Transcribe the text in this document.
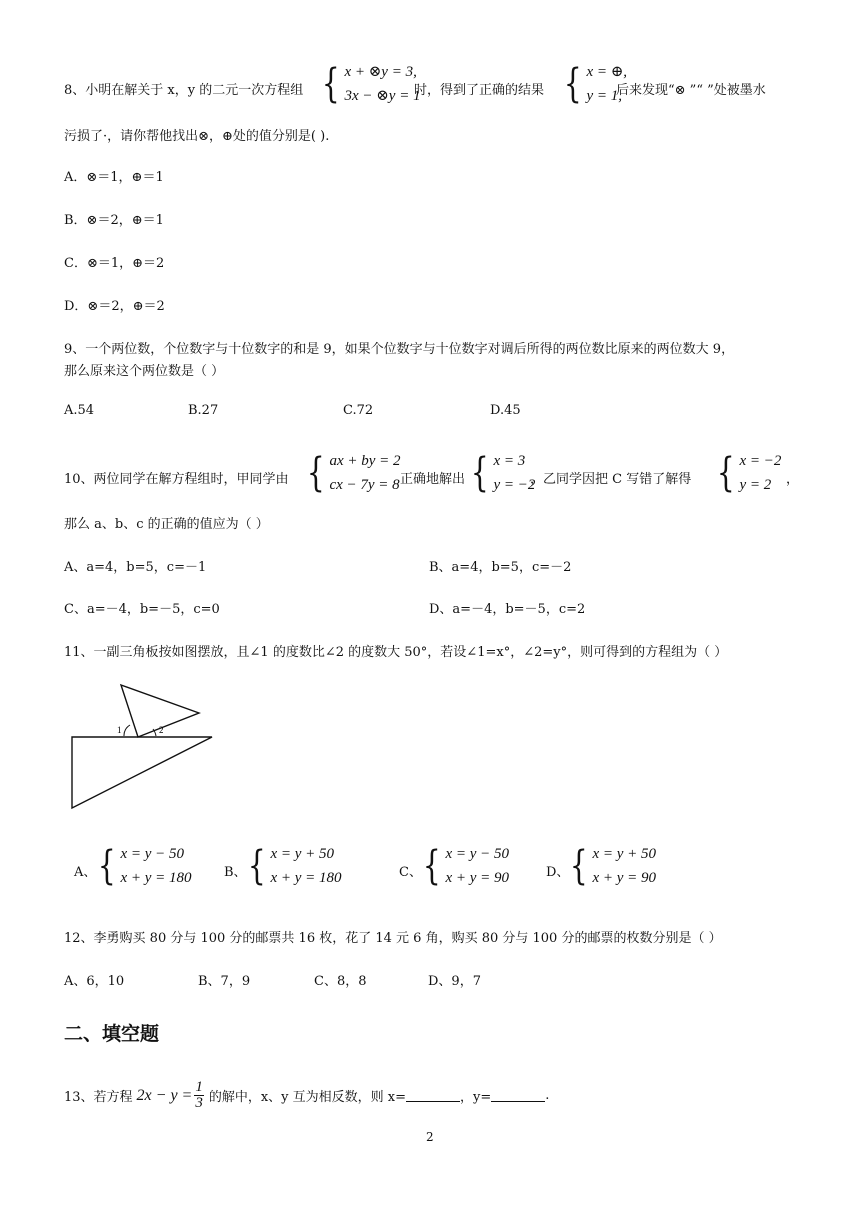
8、小明在解关于 x，y 的二元一次方程组 { x + ⊗y = 3,
3x − ⊗y = 1
时，得到了正确的结果 { x = ⊕,
y = 1,
后来发现“⊗ ”“ ”处被墨水
污损了·，请你帮他找出⊗，⊕处的值分别是( ).
A．⊗＝1，⊕＝1
B．⊗＝2，⊕＝1
C．⊗＝1，⊕＝2
D．⊗＝2，⊕＝2
9、一个两位数，个位数字与十位数字的和是 9，如果个位数字与十位数字对调后所得的两位数比原来的两位数大 9，
那么原来这个两位数是（ ）
A.54	B.27	C.72	D.45
10、两位同学在解方程组时，甲同学由 { ax + by = 2
cx − 7y = 8 正确地解出 { x = 3
y = −2
，乙同学因把 C 写错了解得 { x = −2
y = 2	，
那么 a、b、c 的正确的值应为（ ）
A、a=4，b=5，c=－1	B、a=4，b=5，c=－2
C、a=－4，b=－5，c=0	D、a=－4，b=－5，c=2
11、一副三角板按如图摆放，且∠1 的度数比∠2 的度数大 50°，若设∠1=x°，∠2=y°，则可得到的方程组为（ ）
1	2
A、 { x = y − 50
x + y = 180 B、 { x = y + 50
x + y = 180	C、 { x = y − 50
x + y = 90	D、 { x = y + 50
x + y = 90
12、李勇购买 80 分与 100 分的邮票共 16 枚，花了 14 元 6 角，购买 80 分与 100 分的邮票的枚数分别是（ ）
A、6，10	B、7，9	C、8，8	D、9，7
二、填空题
13、若方程 $2x - y = \frac{1}{3}$ 的解中，x、y 互为相反数，则 x=	，y=	.
2
